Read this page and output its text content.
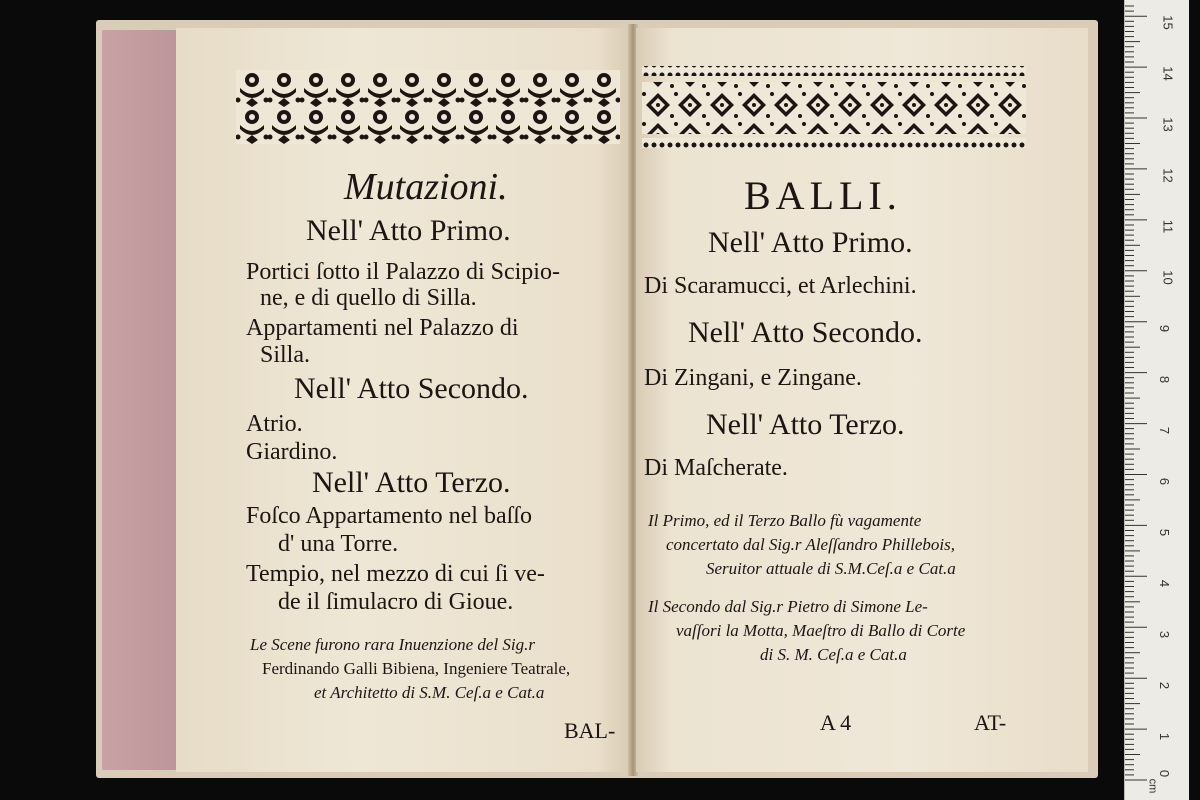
Mutazioni.

Nell' Atto Primo.

Portici ſotto il Palazzo di Scipio-

ne, e di quello di Silla.

Appartamenti nel Palazzo di

Silla.

Nell' Atto Secondo.

Atrio.

Giardino.

Nell' Atto Terzo.

Foſco Appartamento nel baſſo

d' una Torre.

Tempio, nel mezzo di cui ſi ve-

de il ſimulacro di Gioue.

Le Scene furono rara Inuenzione del Sig.r

Ferdinando Galli Bibiena, Ingeniere Teatrale,

et Architetto di S.M. Ceſ.a e Cat.a

BAL-

BALLI.

Nell' Atto Primo.

Di Scaramucci, et Arlechini.

Nell' Atto Secondo.

Di Zingani, e Zingane.

Nell' Atto Terzo.

Di Maſcherate.

Il Primo, ed il Terzo Ballo fù vagamente

concertato dal Sig.r Aleſſandro Phillebois,

Seruitor attuale di S.M.Ceſ.a e Cat.a

Il Secondo dal Sig.r Pietro di Simone Le-

vaſſori la Motta, Maeſtro di Ballo di Corte

di S. M. Ceſ.a e Cat.a

A 4	AT-

0
1
2
3
4
5
6
7
8
9
10
11
12
13
14
15
cm
